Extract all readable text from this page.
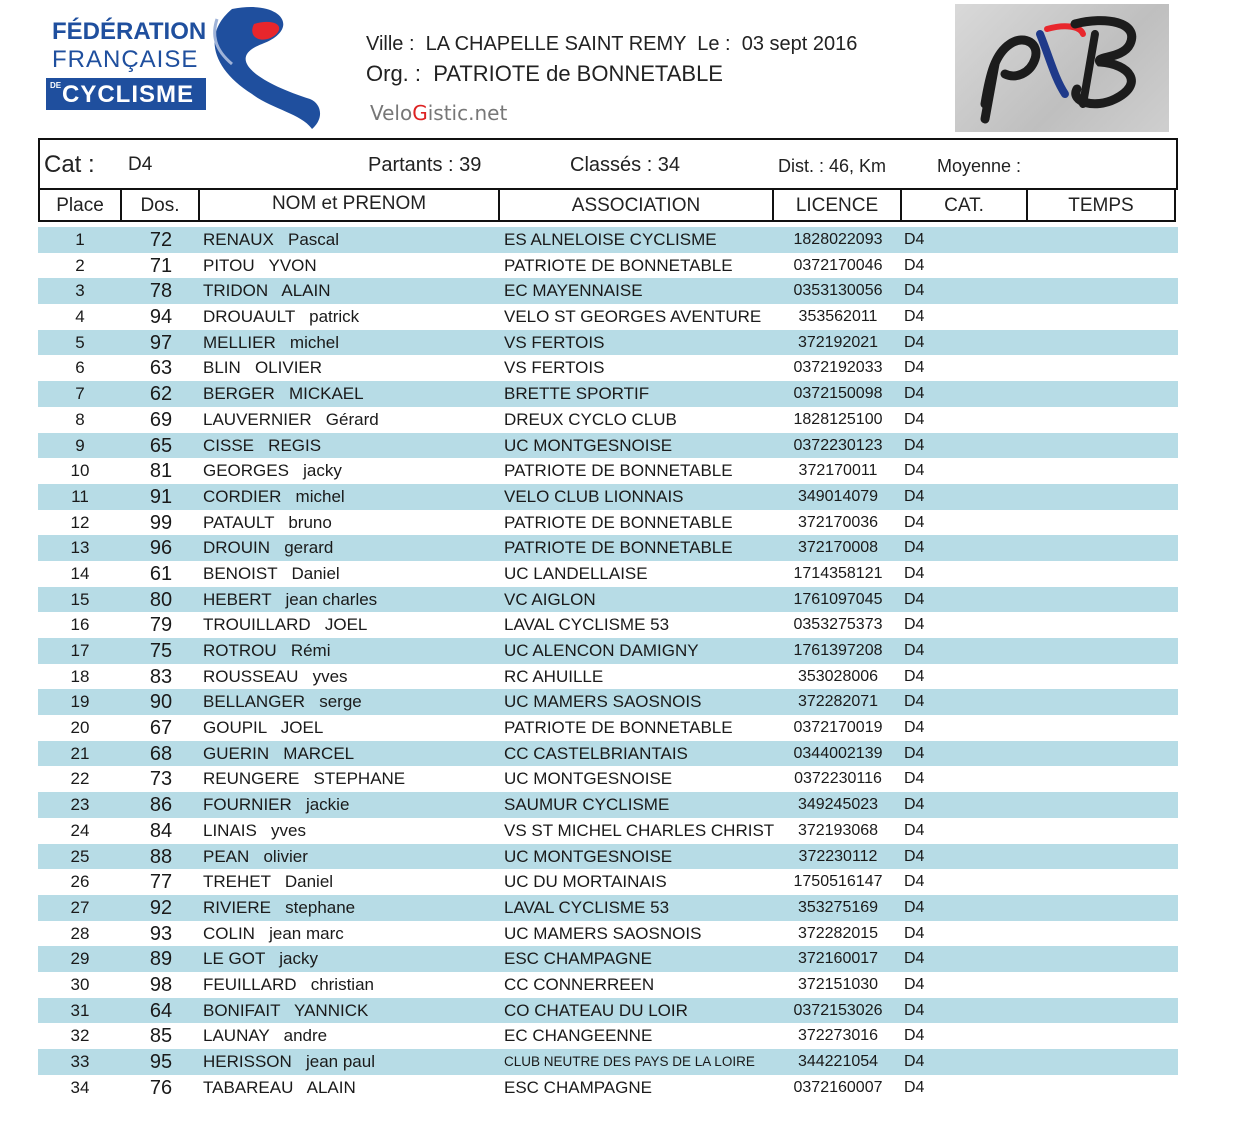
FÉDÉRATION
FRANÇAISE
DE CYCLISME
Ville :  LA CHAPELLE SAINT REMY  Le :  03 sept 2016
Org. :  PATRIOTE de BONNETABLE
VeloGistic.net
Cat : D4	Partants : 39	Classés : 34	Dist. : 46, Km	Moyenne :
Place	Dos.	NOM et PRENOM	ASSOCIATION	LICENCE	CAT.	TEMPS
1	72	RENAUX   Pascal	ES ALNELOISE CYCLISME	1828022093	D4
2	71	PITOU   YVON	PATRIOTE DE BONNETABLE	0372170046	D4
3	78	TRIDON   ALAIN	EC MAYENNAISE	0353130056	D4
4	94	DROUAULT   patrick	VELO ST GEORGES AVENTURE	353562011	D4
5	97	MELLIER   michel	VS FERTOIS	372192021	D4
6	63	BLIN   OLIVIER	VS FERTOIS	0372192033	D4
7	62	BERGER   MICKAEL	BRETTE SPORTIF	0372150098	D4
8	69	LAUVERNIER   Gérard	DREUX CYCLO CLUB	1828125100	D4
9	65	CISSE   REGIS	UC MONTGESNOISE	0372230123	D4
10	81	GEORGES   jacky	PATRIOTE DE BONNETABLE	372170011	D4
11	91	CORDIER   michel	VELO CLUB LIONNAIS	349014079	D4
12	99	PATAULT   bruno	PATRIOTE DE BONNETABLE	372170036	D4
13	96	DROUIN   gerard	PATRIOTE DE BONNETABLE	372170008	D4
14	61	BENOIST   Daniel	UC LANDELLAISE	1714358121	D4
15	80	HEBERT   jean charles	VC AIGLON	1761097045	D4
16	79	TROUILLARD   JOEL	LAVAL CYCLISME 53	0353275373	D4
17	75	ROTROU   Rémi	UC ALENCON DAMIGNY	1761397208	D4
18	83	ROUSSEAU   yves	RC AHUILLE	353028006	D4
19	90	BELLANGER   serge	UC MAMERS SAOSNOIS	372282071	D4
20	67	GOUPIL   JOEL	PATRIOTE DE BONNETABLE	0372170019	D4
21	68	GUERIN   MARCEL	CC CASTELBRIANTAIS	0344002139	D4
22	73	REUNGERE   STEPHANE	UC MONTGESNOISE	0372230116	D4
23	86	FOURNIER   jackie	SAUMUR CYCLISME	349245023	D4
24	84	LINAIS   yves	VS ST MICHEL CHARLES CHRIST	372193068	D4
25	88	PEAN   olivier	UC MONTGESNOISE	372230112	D4
26	77	TREHET   Daniel	UC DU MORTAINAIS	1750516147	D4
27	92	RIVIERE   stephane	LAVAL CYCLISME 53	353275169	D4
28	93	COLIN   jean marc	UC MAMERS SAOSNOIS	372282015	D4
29	89	LE GOT   jacky	ESC CHAMPAGNE	372160017	D4
30	98	FEUILLARD   christian	CC CONNERREEN	372151030	D4
31	64	BONIFAIT   YANNICK	CO CHATEAU DU LOIR	0372153026	D4
32	85	LAUNAY   andre	EC CHANGEENNE	372273016	D4
33	95	HERISSON   jean paul	CLUB NEUTRE DES PAYS DE LA LOIRE	344221054	D4
34	76	TABAREAU   ALAIN	ESC CHAMPAGNE	0372160007	D4
